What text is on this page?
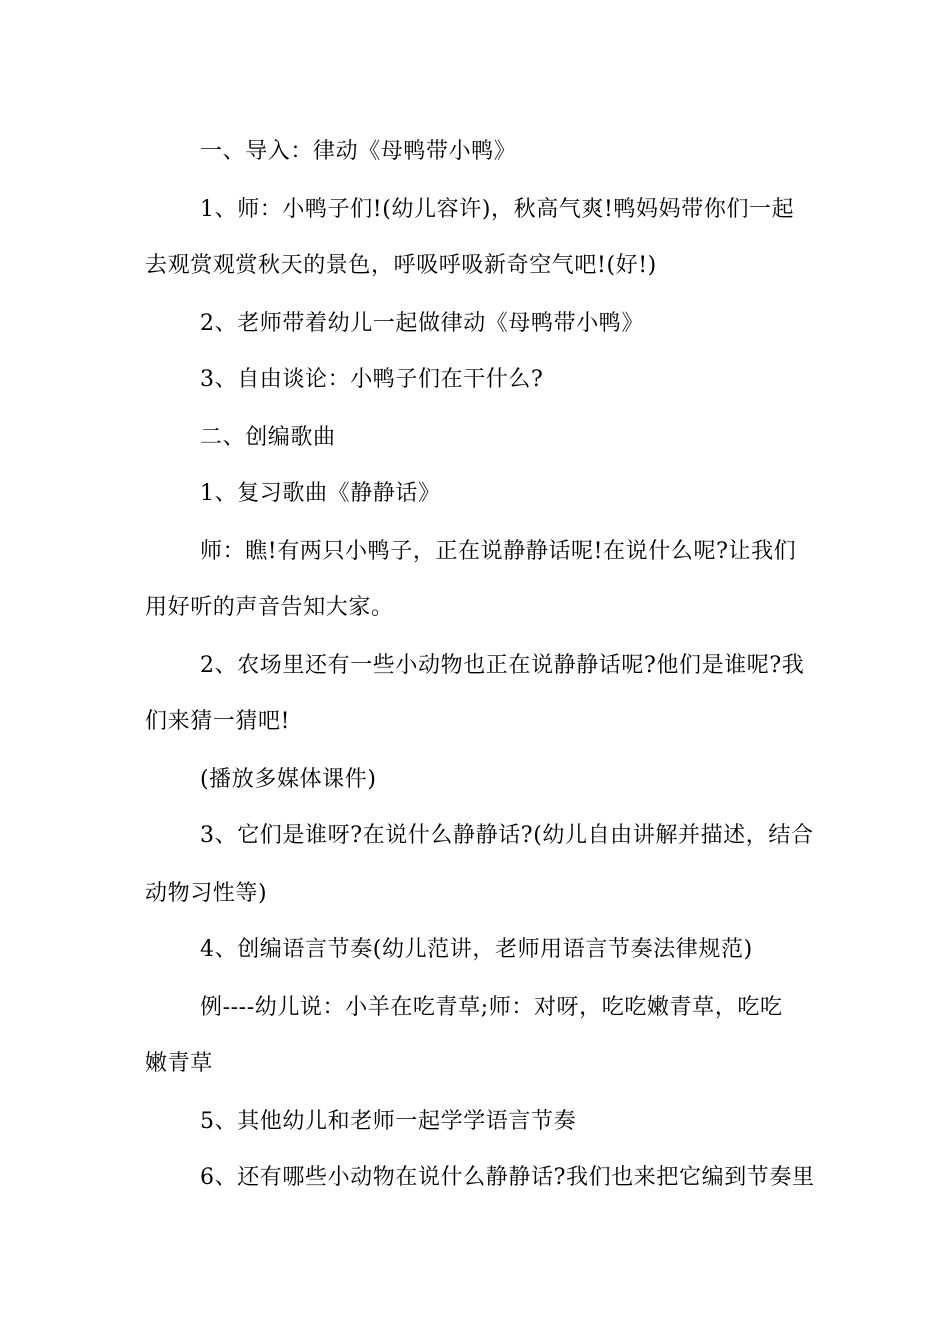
一、导入：律动《母鸭带小鸭》
1、师：小鸭子们!(幼儿容许)，秋高气爽!鸭妈妈带你们一起
去观赏观赏秋天的景色，呼吸呼吸新奇空气吧!(好!)
2、老师带着幼儿一起做律动《母鸭带小鸭》
3、自由谈论：小鸭子们在干什么?
二、创编歌曲
1、复习歌曲《静静话》
师：瞧!有两只小鸭子，正在说静静话呢!在说什么呢?让我们
用好听的声音告知大家。
2、农场里还有一些小动物也正在说静静话呢?他们是谁呢?我
们来猜一猜吧!
(播放多媒体课件)
3、它们是谁呀?在说什么静静话?(幼儿自由讲解并描述，结合
动物习性等)
4、创编语言节奏(幼儿范讲，老师用语言节奏法律规范)
例----幼儿说：小羊在吃青草;师：对呀，吃吃嫩青草，吃吃
嫩青草
5、其他幼儿和老师一起学学语言节奏
6、还有哪些小动物在说什么静静话?我们也来把它编到节奏里
